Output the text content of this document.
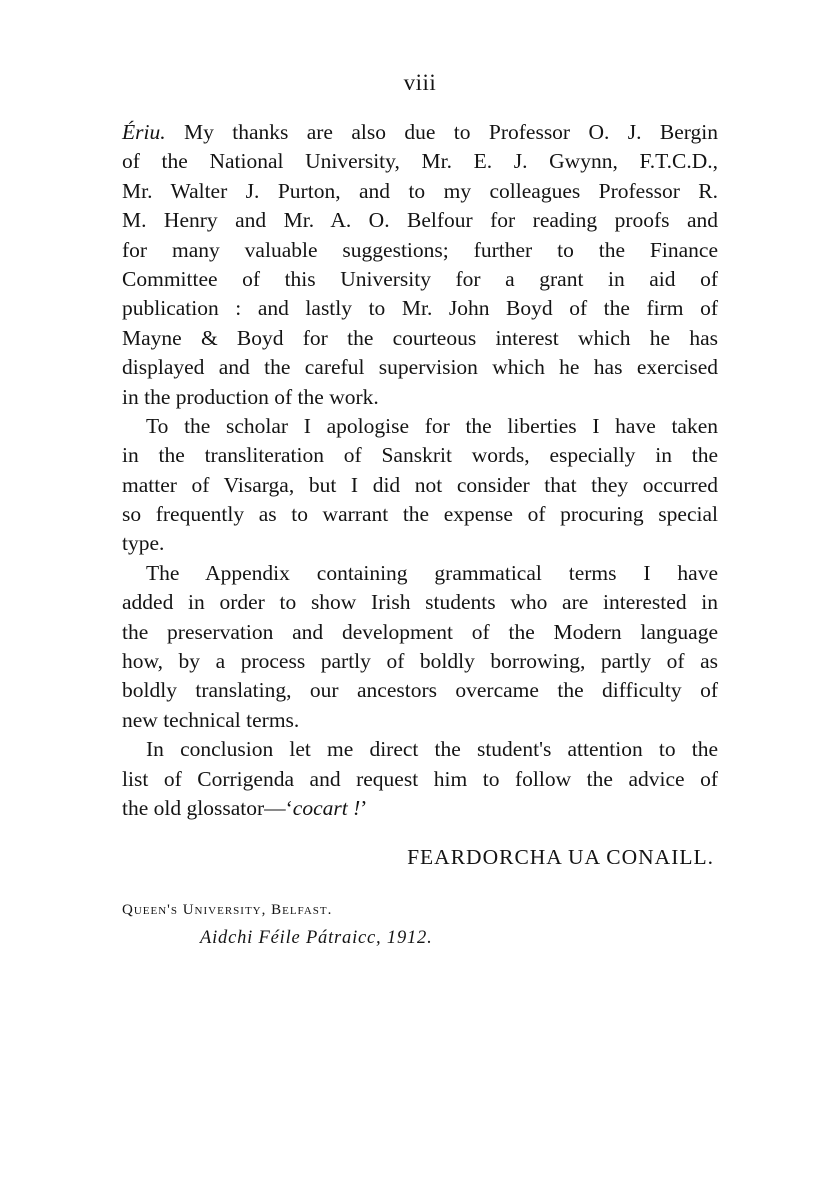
viii
Ériu. My thanks are also due to Professor O. J. Bergin
of the National University, Mr. E. J. Gwynn, F.T.C.D.,
Mr. Walter J. Purton, and to my colleagues Professor R.
M. Henry and Mr. A. O. Belfour for reading proofs and
for many valuable suggestions; further to the Finance
Committee of this University for a grant in aid of
publication : and lastly to Mr. John Boyd of the firm of
Mayne & Boyd for the courteous interest which he has
displayed and the careful supervision which he has exercised
in the production of the work.
To the scholar I apologise for the liberties I have taken
in the transliteration of Sanskrit words, especially in the
matter of Visarga, but I did not consider that they occurred
so frequently as to warrant the expense of procuring special
type.
The Appendix containing grammatical terms I have
added in order to show Irish students who are interested in
the preservation and development of the Modern language
how, by a process partly of boldly borrowing, partly of as
boldly translating, our ancestors overcame the difficulty of
new technical terms.
In conclusion let me direct the student's attention to the
list of Corrigenda and request him to follow the advice of
the old glossator—‘cocart !’
FEARDORCHA UA CONAILL.
Queen's University, Belfast.
Aidchi Féile Pátraicc, 1912.
